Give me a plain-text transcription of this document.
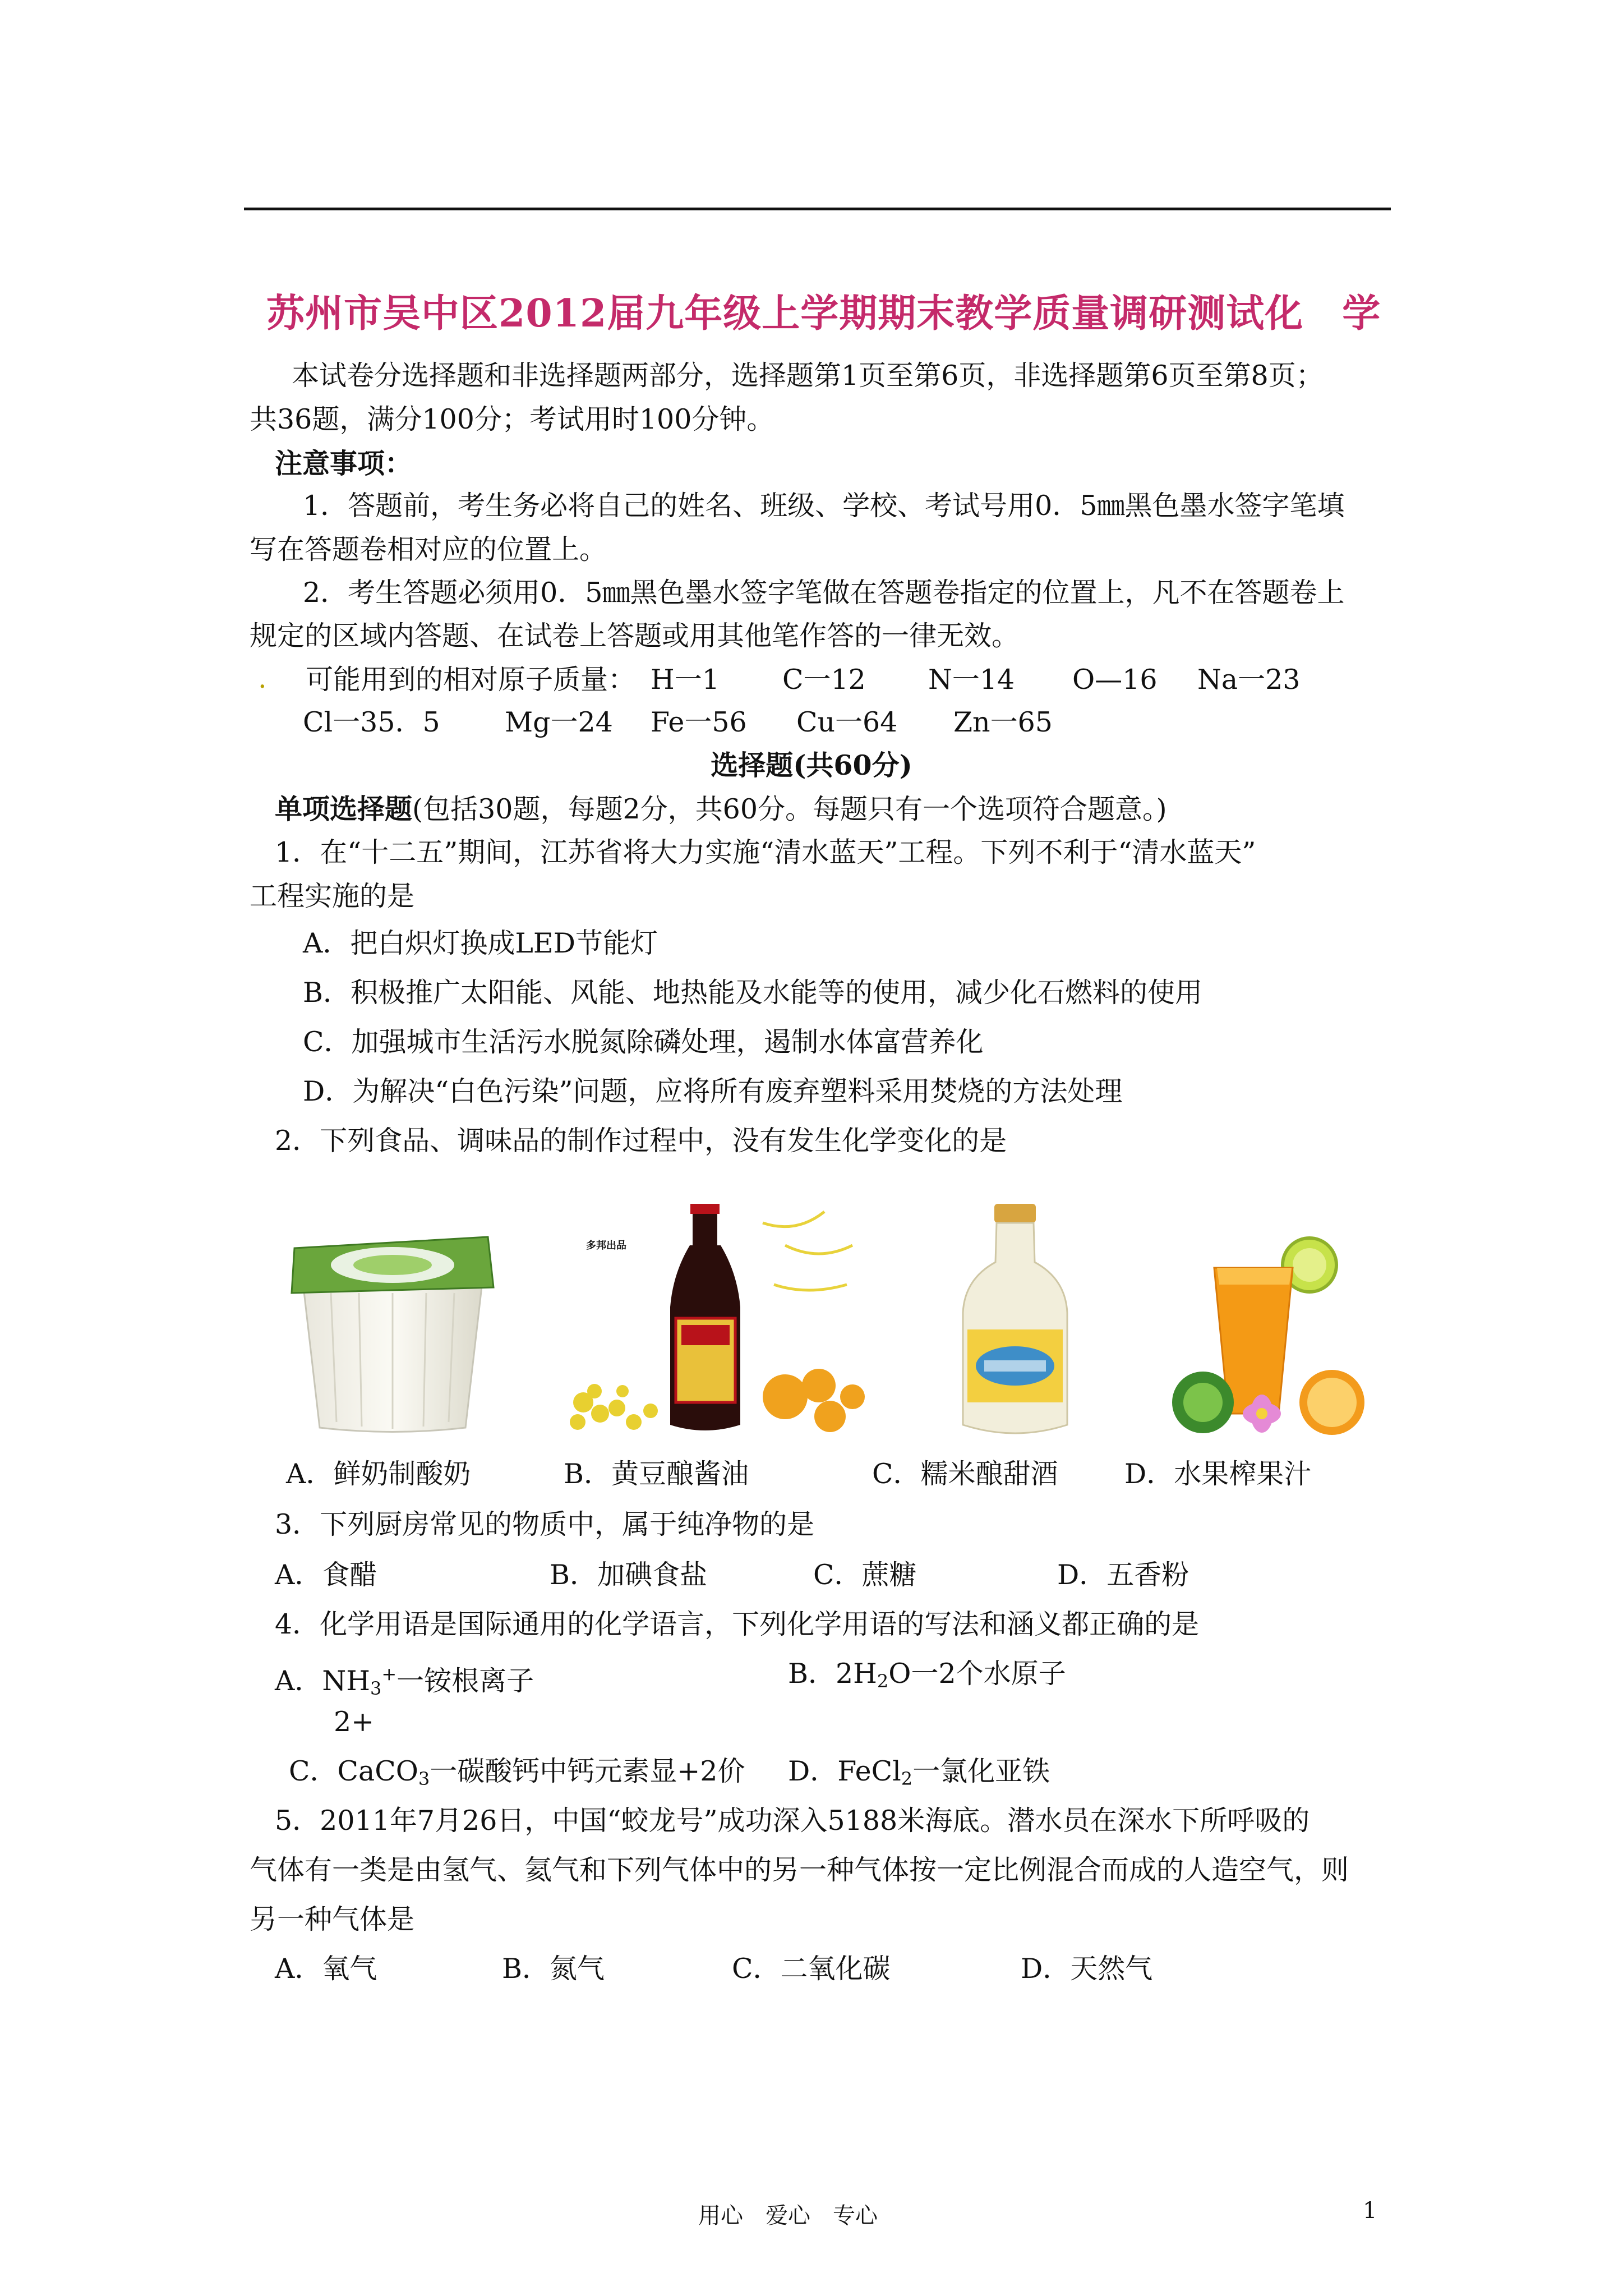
苏州市吴中区2012届九年级上学期期末教学质量调研测试化　学
本试卷分选择题和非选择题两部分，选择题第1页至第6页，非选择题第6页至第8页；
共36题，满分100分；考试用时100分钟。
注意事项：
1．答题前，考生务必将自己的姓名、班级、学校、考试号用0．5㎜黑色墨水签字笔填
写在答题卷相对应的位置上。
2．考生答题必须用0．5㎜黑色墨水签字笔做在答题卷指定的位置上，凡不在答题卷上
规定的区域内答题、在试卷上答题或用其他笔作答的一律无效。
. 可能用到的相对原子质量： H一1 C一12 N一14 O—16 Na一23
Cl一35．5 Mg一24 Fe一56 Cu一64 Zn一65
选择题(共60分)
单项选择题(包括30题，每题2分，共60分。每题只有一个选项符合题意。)
1．在“十二五”期间，江苏省将大力实施“清水蓝天”工程。下列不利于“清水蓝天”
工程实施的是
A．把白炽灯换成LED节能灯
B．积极推广太阳能、风能、地热能及水能等的使用，减少化石燃料的使用
C．加强城市生活污水脱氮除磷处理，遏制水体富营养化
D．为解决“白色污染”问题，应将所有废弃塑料采用焚烧的方法处理
2．下列食品、调味品的制作过程中，没有发生化学变化的是
多邦出品
A．鲜奶制酸奶	B．黄豆酿酱油	C．糯米酿甜酒 D．水果榨果汁
3．下列厨房常见的物质中，属于纯净物的是
A．食醋	B．加碘食盐	C．蔗糖	D．五香粉
4．化学用语是国际通用的化学语言，下列化学用语的写法和涵义都正确的是
A．$NH_3^+$一铵根离子	B．$2H_2O$一2个水原子
2+
C．CaCO$_3$一碳酸钙中钙元素显+2价 D．FeCl$_2$一氯化亚铁
5．2011年7月26日，中国“蛟龙号”成功深入5188米海底。潜水员在深水下所呼吸的
气体有一类是由氢气、氦气和下列气体中的另一种气体按一定比例混合而成的人造空气，则
另一种气体是
A．氧气	B．氮气	C．二氧化碳	D．天然气
用心　爱心　专心	1
